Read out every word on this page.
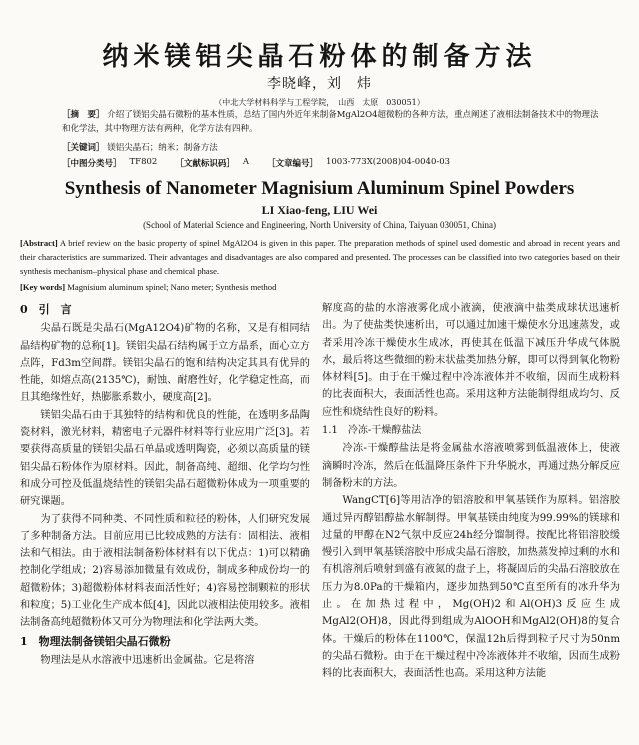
纳米镁铝尖晶石粉体的制备方法
李晓峰，刘　炜
（中北大学材料科学与工程学院，　山西　太原　030051）
［摘　要］ 介绍了镁铝尖晶石微粉的基本性质，总结了国内外近年来制备MgAl2O4超微粉的各种方法，重点阐述了液相法制备技术中的物理法和化学法，其中物理方法有两种，化学方法有四种。
［关键词］ 镁铝尖晶石；纳米；制备方法
［中图分类号］ TF802 ［文献标识码］ A ［文章编号］ 1003-773X(2008)04-0040-03
Synthesis of Nanometer Magnisium Aluminum Spinel Powders
LI Xiao-feng, LIU Wei
(School of Material Science and Engineering, North University of China, Taiyuan 030051, China)
[Abstract] A brief review on the basic property of spinel MgAl2O4 is given in this paper. The preparation methods of spinel used domestic and abroad in recent years and their characteristics are summarized. Their advantages and disadvantages are also compared and presented. The processes can be classified into two categories based on their synthesis mechanism–physical phase and chemical phase.
[Key words] Magnisium aluminum spinel; Nano meter; Synthesis method
0　引　言

尖晶石既是尖晶石(MgA12O4)矿物的名称，又是有相同结晶结构矿物的总称[1]。镁铝尖晶石结构属于立方晶系，面心立方点阵，Fd3m空间群。镁铝尖晶石的饱和结构决定其具有优异的性能，如熔点高(2135℃)，耐蚀、耐磨性好，化学稳定性高，而且其绝缘性好，热膨胀系数小，硬度高[2]。

镁铝尖晶石由于其独特的结构和优良的性能，在透明多晶陶瓷材料，激光材料，精密电子元器件材料等行业应用广泛[3]。若要获得高质量的镁铝尖晶石单晶或透明陶瓷，必须以高质量的镁铝尖晶石粉体作为原材料。因此，制备高纯、超细、化学均匀性和成分可控及低温烧结性的镁铝尖晶石超微粉体成为一项重要的研究课题。

为了获得不同种类、不同性质和粒径的粉体，人们研究发展了多种制备方法。目前应用已比较成熟的方法有：固相法、液相法和气相法。由于液相法制备粉体材料有以下优点：1)可以精确控制化学组成；2)容易添加微量有效成份，制成多种成份均一的超微粉体；3)超微粉体材料表面活性好；4)容易控制颗粒的形状和粒度；5)工业化生产成本低[4]，因此以液相法使用较多。液相法制备高纯超微粉体又可分为物理法和化学法两大类。

1　物理法制备镁铝尖晶石微粉

物理法是从水溶液中迅速析出金属盐。它是将溶

解度高的盐的水溶液雾化成小液滴，使液滴中盐类成球状迅速析出。为了使盐类快速析出，可以通过加速干燥使水分迅速蒸发，或者采用冷冻干燥使水生成冰，再使其在低温下减压升华成气体脱水，最后将这些微细的粉末状盐类加热分解，即可以得到氧化物粉体材料[5]。由于在干燥过程中冷冻液体并不收缩，因而生成粉料的比表面积大，表面活性也高。采用这种方法能制得组成均匀、反应性和烧结性良好的粉料。

1.1　冷冻-干燥醇盐法

冷冻-干燥醇盐法是将金属盐水溶液喷雾到低温液体上，使液滴瞬时冷冻，然后在低温降压条件下升华脱水，再通过热分解反应制备粉末的方法。

WangCT[6]等用洁净的铝溶胶和甲氧基镁作为原料。铝溶胶通过异丙醇铝醇盐水解制得。甲氧基镁由纯度为99.99%的镁球和过量的甲醇在N2气氛中反应24h经分馏制得。按配比将铝溶胶缓慢引入到甲氧基镁溶胶中形成尖晶石溶胶，加热蒸发掉过剩的水和有机溶剂后喷射到盛有液氮的盘子上，将凝固后的尖晶石溶胶放在压力为8.0Pa的干燥箱内，逐步加热到50℃直至所有的冰升华为止。在加热过程中，Mg(OH)2和Al(OH)3反应生成MgAl2(OH)8，因此得到组成为AlOOH和MgAl2(OH)8的复合体。干燥后的粉体在1100℃，保温12h后得到粒子尺寸为50nm的尖晶石微粉。由于在干燥过程中冷冻液体并不收缩，因而生成粉料的比表面积大，表面活性也高。采用这种方法能
